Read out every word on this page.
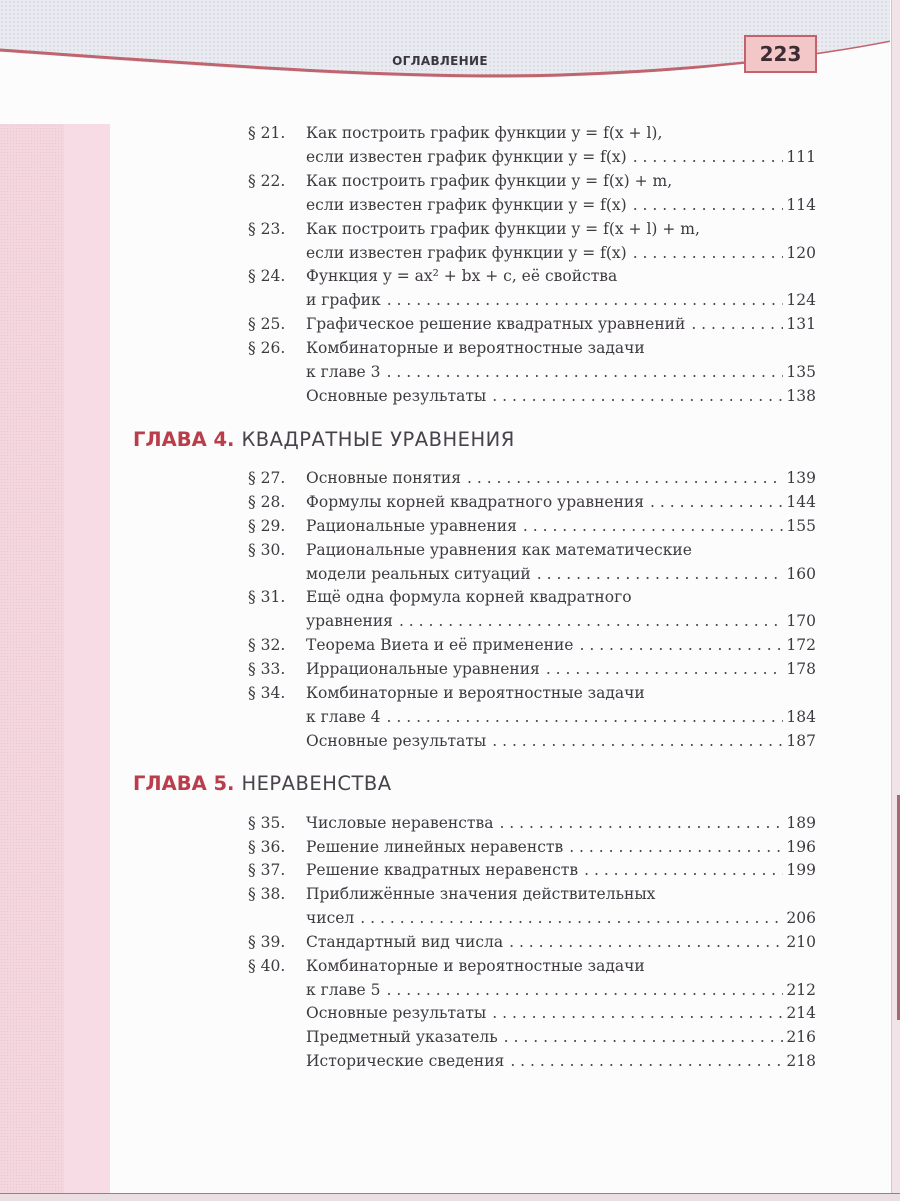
ОГЛАВЛЕНИЕ	223
§ 21.	Как построить график функции y = f(x + l),
если известен график функции y = f(x) . . .	111
§ 22.	Как построить график функции y = f(x) + m,
если известен график функции y = f(x) . . .	114
§ 23.	Как построить график функции y = f(x + l) + m,
если известен график функции y = f(x) . . .	120
§ 24.	Функция y = ax² + bx + c, её свойства
и график . . .	124
§ 25.	Графическое решение квадратных уравнений . . .	131
§ 26.	Комбинаторные и вероятностные задачи
к главе 3 . . .	135
Основные результаты . . .	138
ГЛАВА 4. КВАДРАТНЫЕ УРАВНЕНИЯ
§ 27.	Основные понятия . . .	139
§ 28.	Формулы корней квадратного уравнения . . .	144
§ 29.	Рациональные уравнения . . .	155
§ 30.	Рациональные уравнения как математические
модели реальных ситуаций . . .	160
§ 31.	Ещё одна формула корней квадратного
уравнения . . .	170
§ 32.	Теорема Виета и её применение . . .	172
§ 33.	Иррациональные уравнения . . .	178
§ 34.	Комбинаторные и вероятностные задачи
к главе 4 . . .	184
Основные результаты . . .	187
ГЛАВА 5. НЕРАВЕНСТВА
§ 35.	Числовые неравенства . . .	189
§ 36.	Решение линейных неравенств . . .	196
§ 37.	Решение квадратных неравенств . . .	199
§ 38.	Приближённые значения действительных
чисел . . .	206
§ 39.	Стандартный вид числа . . .	210
§ 40.	Комбинаторные и вероятностные задачи
к главе 5 . . .	212
Основные результаты . . .	214
Предметный указатель . . .	216
Исторические сведения . . .	218
